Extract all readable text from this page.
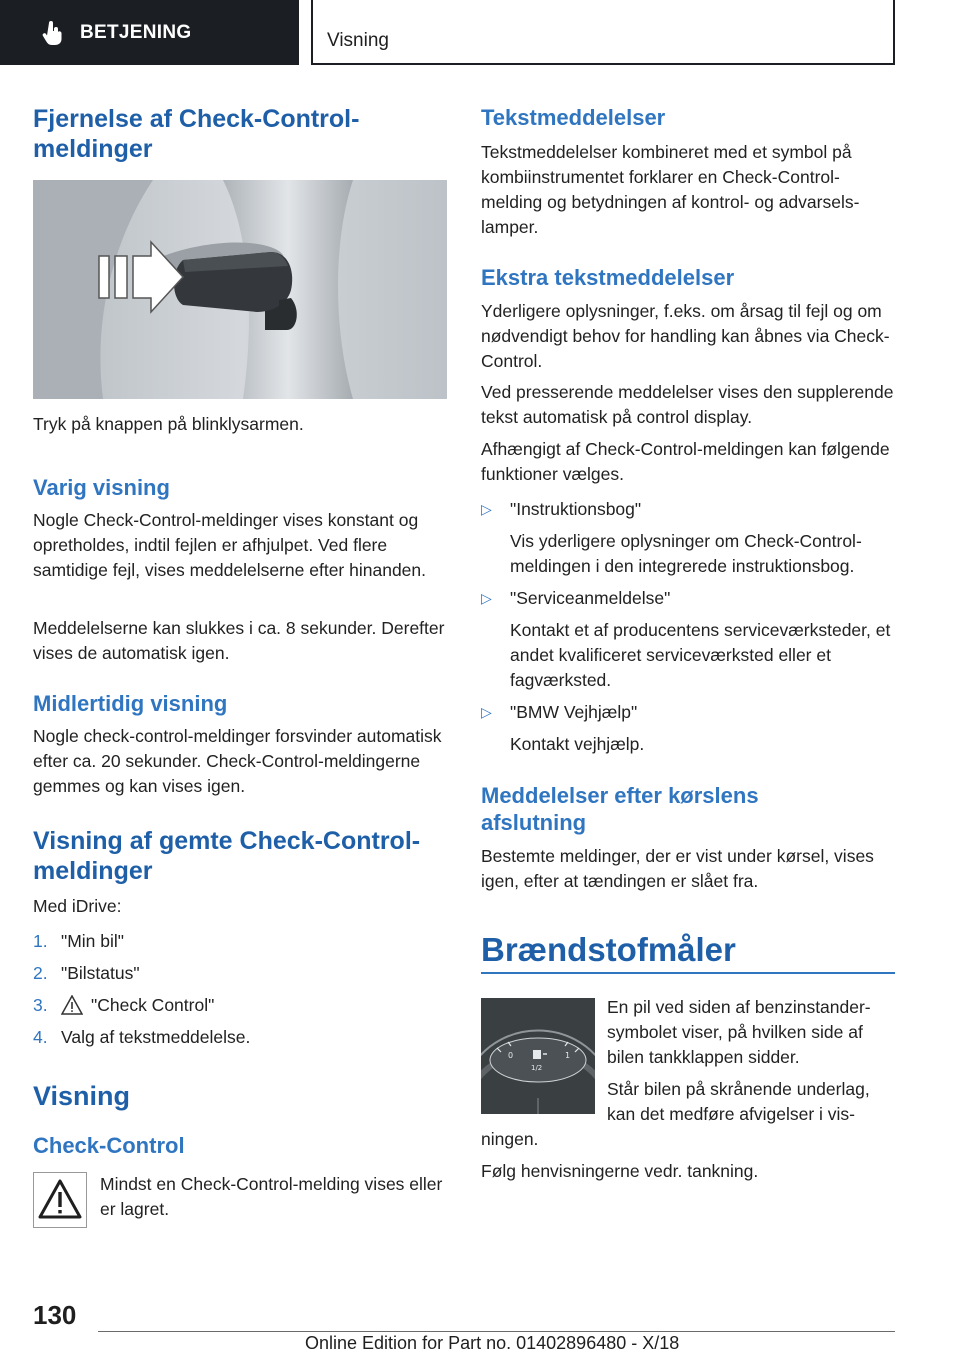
BETJENING	Visning
Fjernelse af Check-Control-meldinger

Tryk på knappen på blinklysarmen.

Varig visning

Nogle Check-Control-meldinger vises konstant og opretholdes, indtil fejlen er afhjulpet. Ved flere samtidige fejl, vises meddelelserne efter hinanden.

Meddelelserne kan slukkes i ca. 8 sekunder. Derefter vises de automatisk igen.

Midlertidig visning

Nogle check-control-meldinger forsvinder automatisk efter ca. 20 sekunder. Check-Control-meldingerne gemmes og kan vises igen.

Visning af gemte Check-Control-meldinger

Med iDrive:

1. "Min bil"
2. "Bilstatus"
3. "Check Control"
4. Valg af tekstmeddelelse.
Visning
Check-Control

Mindst en Check-Control-melding vises eller er lagret.

Tekstmeddelelser

Tekstmeddelelser kombineret med et symbol på kombiinstrumentet forklarer en Check-Control-melding og betydningen af kontrol- og advarselslamper.

Ekstra tekstmeddelelser

Yderligere oplysninger, f.eks. om årsag til fejl og om nødvendigt behov for handling kan åbnes via Check-Control.

Ved presserende meddelelser vises den supplerende tekst automatisk på control display.

Afhængigt af Check-Control-meldingen kan følgende funktioner vælges.

▷ "Instruktionsbog"
Vis yderligere oplysninger om Check-Control-meldingen i den integrerede instruktionsbog.
▷ "Serviceanmeldelse"
Kontakt et af producentens serviceværksteder, et andet kvalificeret serviceværksted eller et fagværksted.
▷ "BMW Vejhjælp"
Kontakt vejhjælp.
Meddelelser efter kørslens afslutning

Bestemte meldinger, der er vist under kørsel, vises igen, efter at tændingen er slået fra.

Brændstofmåler
0	1
1/2

En pil ved siden af benzinstander-symbolet viser, på hvilken side af bilen tankklappen sidder.

Står bilen på skrånende underlag, kan det medføre afvigelser i vis-

ningen.

Følg henvisningerne vedr. tankning.

130
Online Edition for Part no. 01402896480 - X/18
